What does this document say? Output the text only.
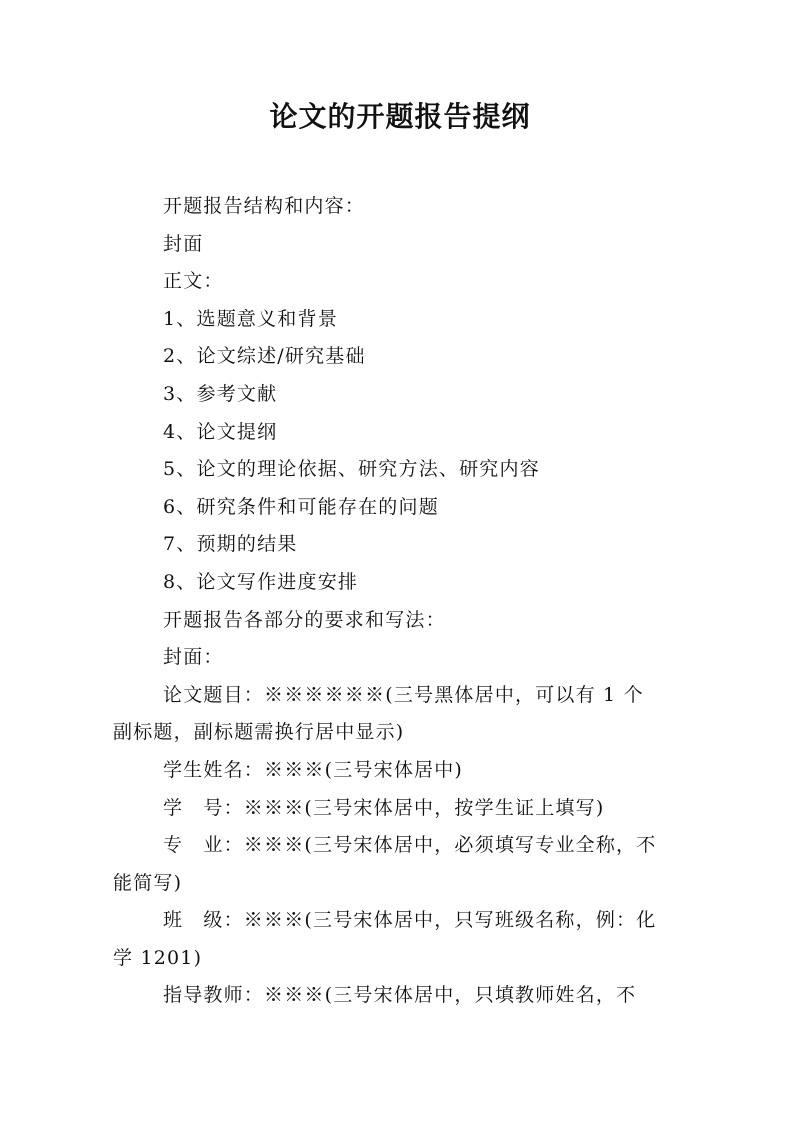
论文的开题报告提纲
开题报告结构和内容：
封面
正文：
1、选题意义和背景
2、论文综述/研究基础
3、参考文献
4、论文提纲
5、论文的理论依据、研究方法、研究内容
6、研究条件和可能存在的问题
7、预期的结果
8、论文写作进度安排
开题报告各部分的要求和写法：
封面：
论文题目：※※※※※※(三号黑体居中，可以有 1 个
副标题，副标题需换行居中显示)
学生姓名：※※※(三号宋体居中)
学　号：※※※(三号宋体居中，按学生证上填写)
专　业：※※※(三号宋体居中，必须填写专业全称，不
能简写)
班　级：※※※(三号宋体居中，只写班级名称，例：化
学 1201)
指导教师：※※※(三号宋体居中，只填教师姓名，不
